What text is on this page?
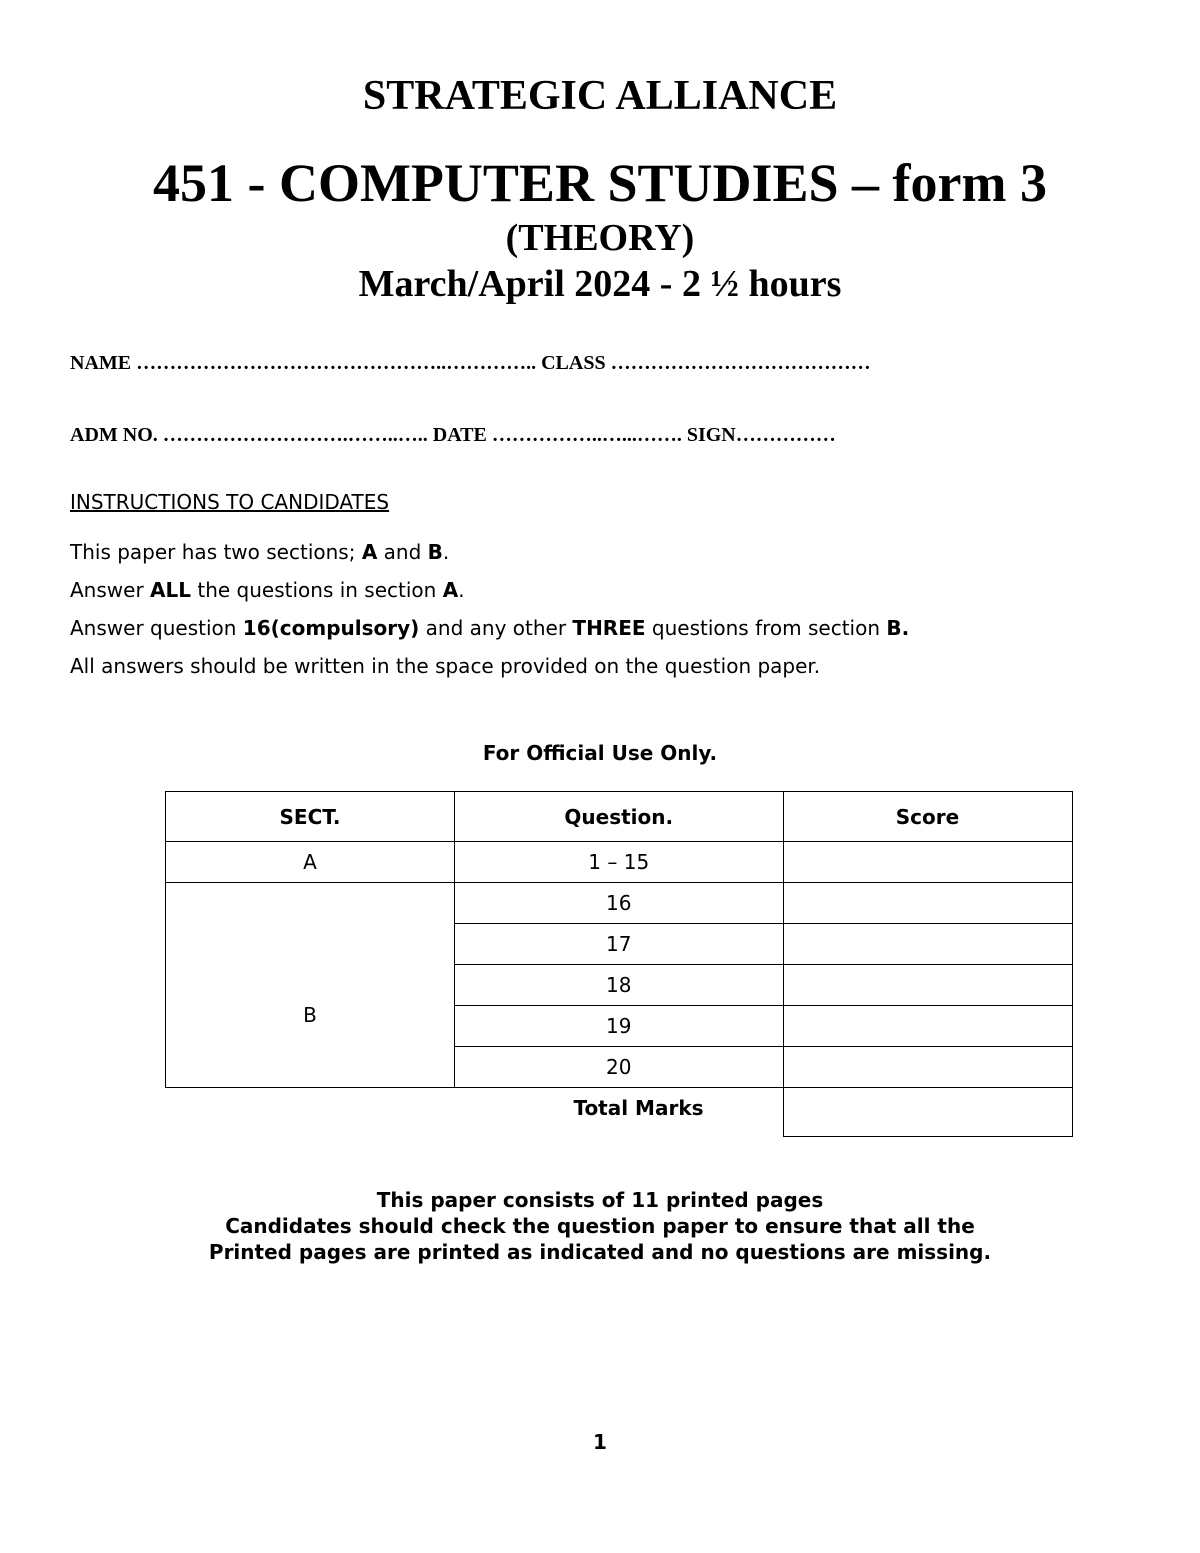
STRATEGIC ALLIANCE
451 - COMPUTER STUDIES – form 3
(THEORY)
March/April 2024 - 2 ½ hours
NAME ………………………………………..………….. CLASS …………………………………
ADM NO. ……………………….……..….. DATE ……………..…...……. SIGN……………
INSTRUCTIONS TO CANDIDATES
This paper has two sections; A and B.
Answer ALL the questions in section A.
Answer question 16(compulsory) and any other THREE questions from section B.
All answers should be written in the space provided on the question paper.
For Official Use Only.
SECT.	Question.	Score
A	1 – 15	
B	16	
	17	
	18	
	19	
	20	
	Total Marks	
This paper consists of 11 printed pages
Candidates should check the question paper to ensure that all the
Printed pages are printed as indicated and no questions are missing.
1
